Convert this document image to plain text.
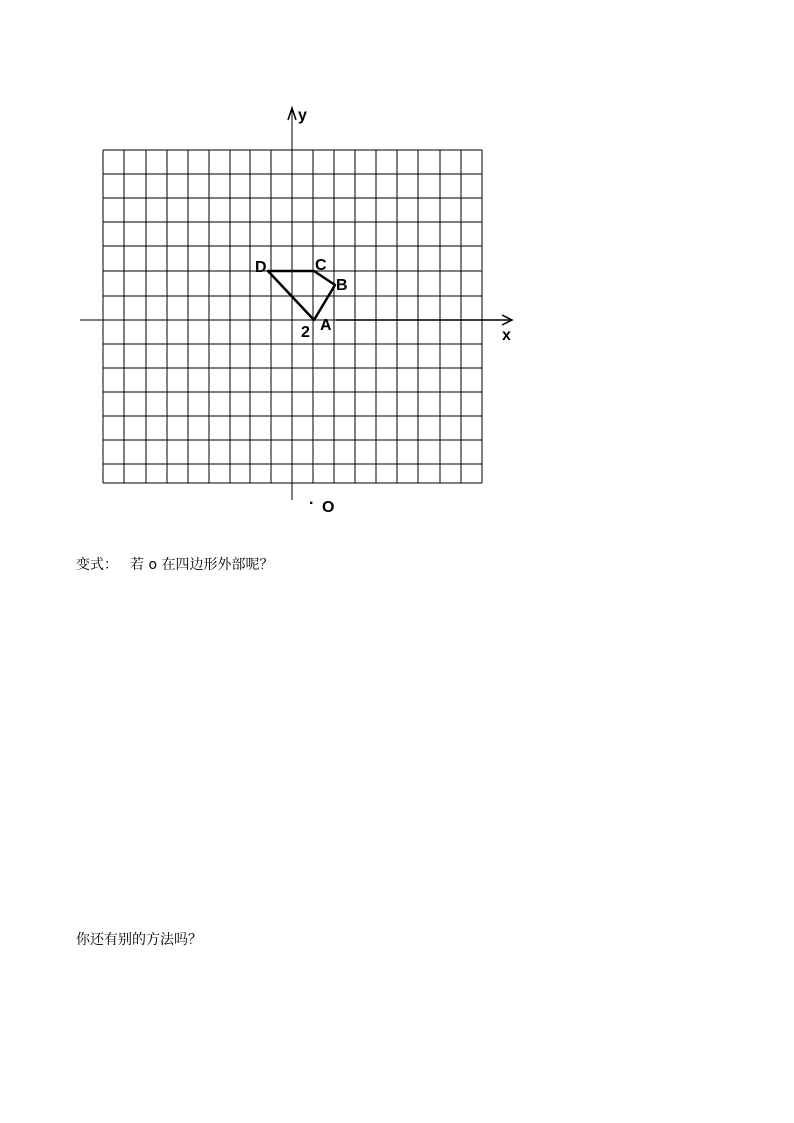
x
y
A
B
C
D
2
· O
变式： 若 o 在四边形外部呢？
你还有别的方法吗？
